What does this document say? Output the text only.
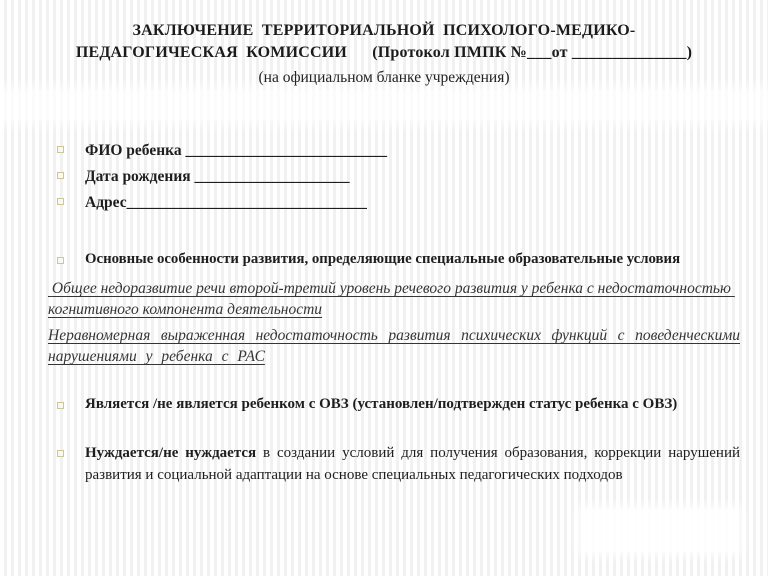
ЗАКЛЮЧЕНИЕ  ТЕРРИТОРИАЛЬНОЙ  ПСИХОЛОГО-МЕДИКО-
ПЕДАГОГИЧЕСКАЯ  КОМИССИИ      (Протокол ПМПК №___от ______________)
(на официальном бланке учреждения)
ФИО ребенка __________________________
Дата рождения ____________________
Адрес_______________________________
Основные особенности развития, определяющие специальные образовательные условия
Общее недоразвитие речи второй-третий уровень речевого развития у ребенка с недостаточностью когнитивного компонента деятельности
Неравномерная выраженная недостаточность развития психических функций с поведенческими нарушениями у ребенка с РАС
Является /не является ребенком с ОВЗ (установлен/подтвержден статус ребенка с ОВЗ)
Нуждается/не нуждается в создании условий для получения образования, коррекции нарушений развития и социальной адаптации на основе специальных педагогических подходов
